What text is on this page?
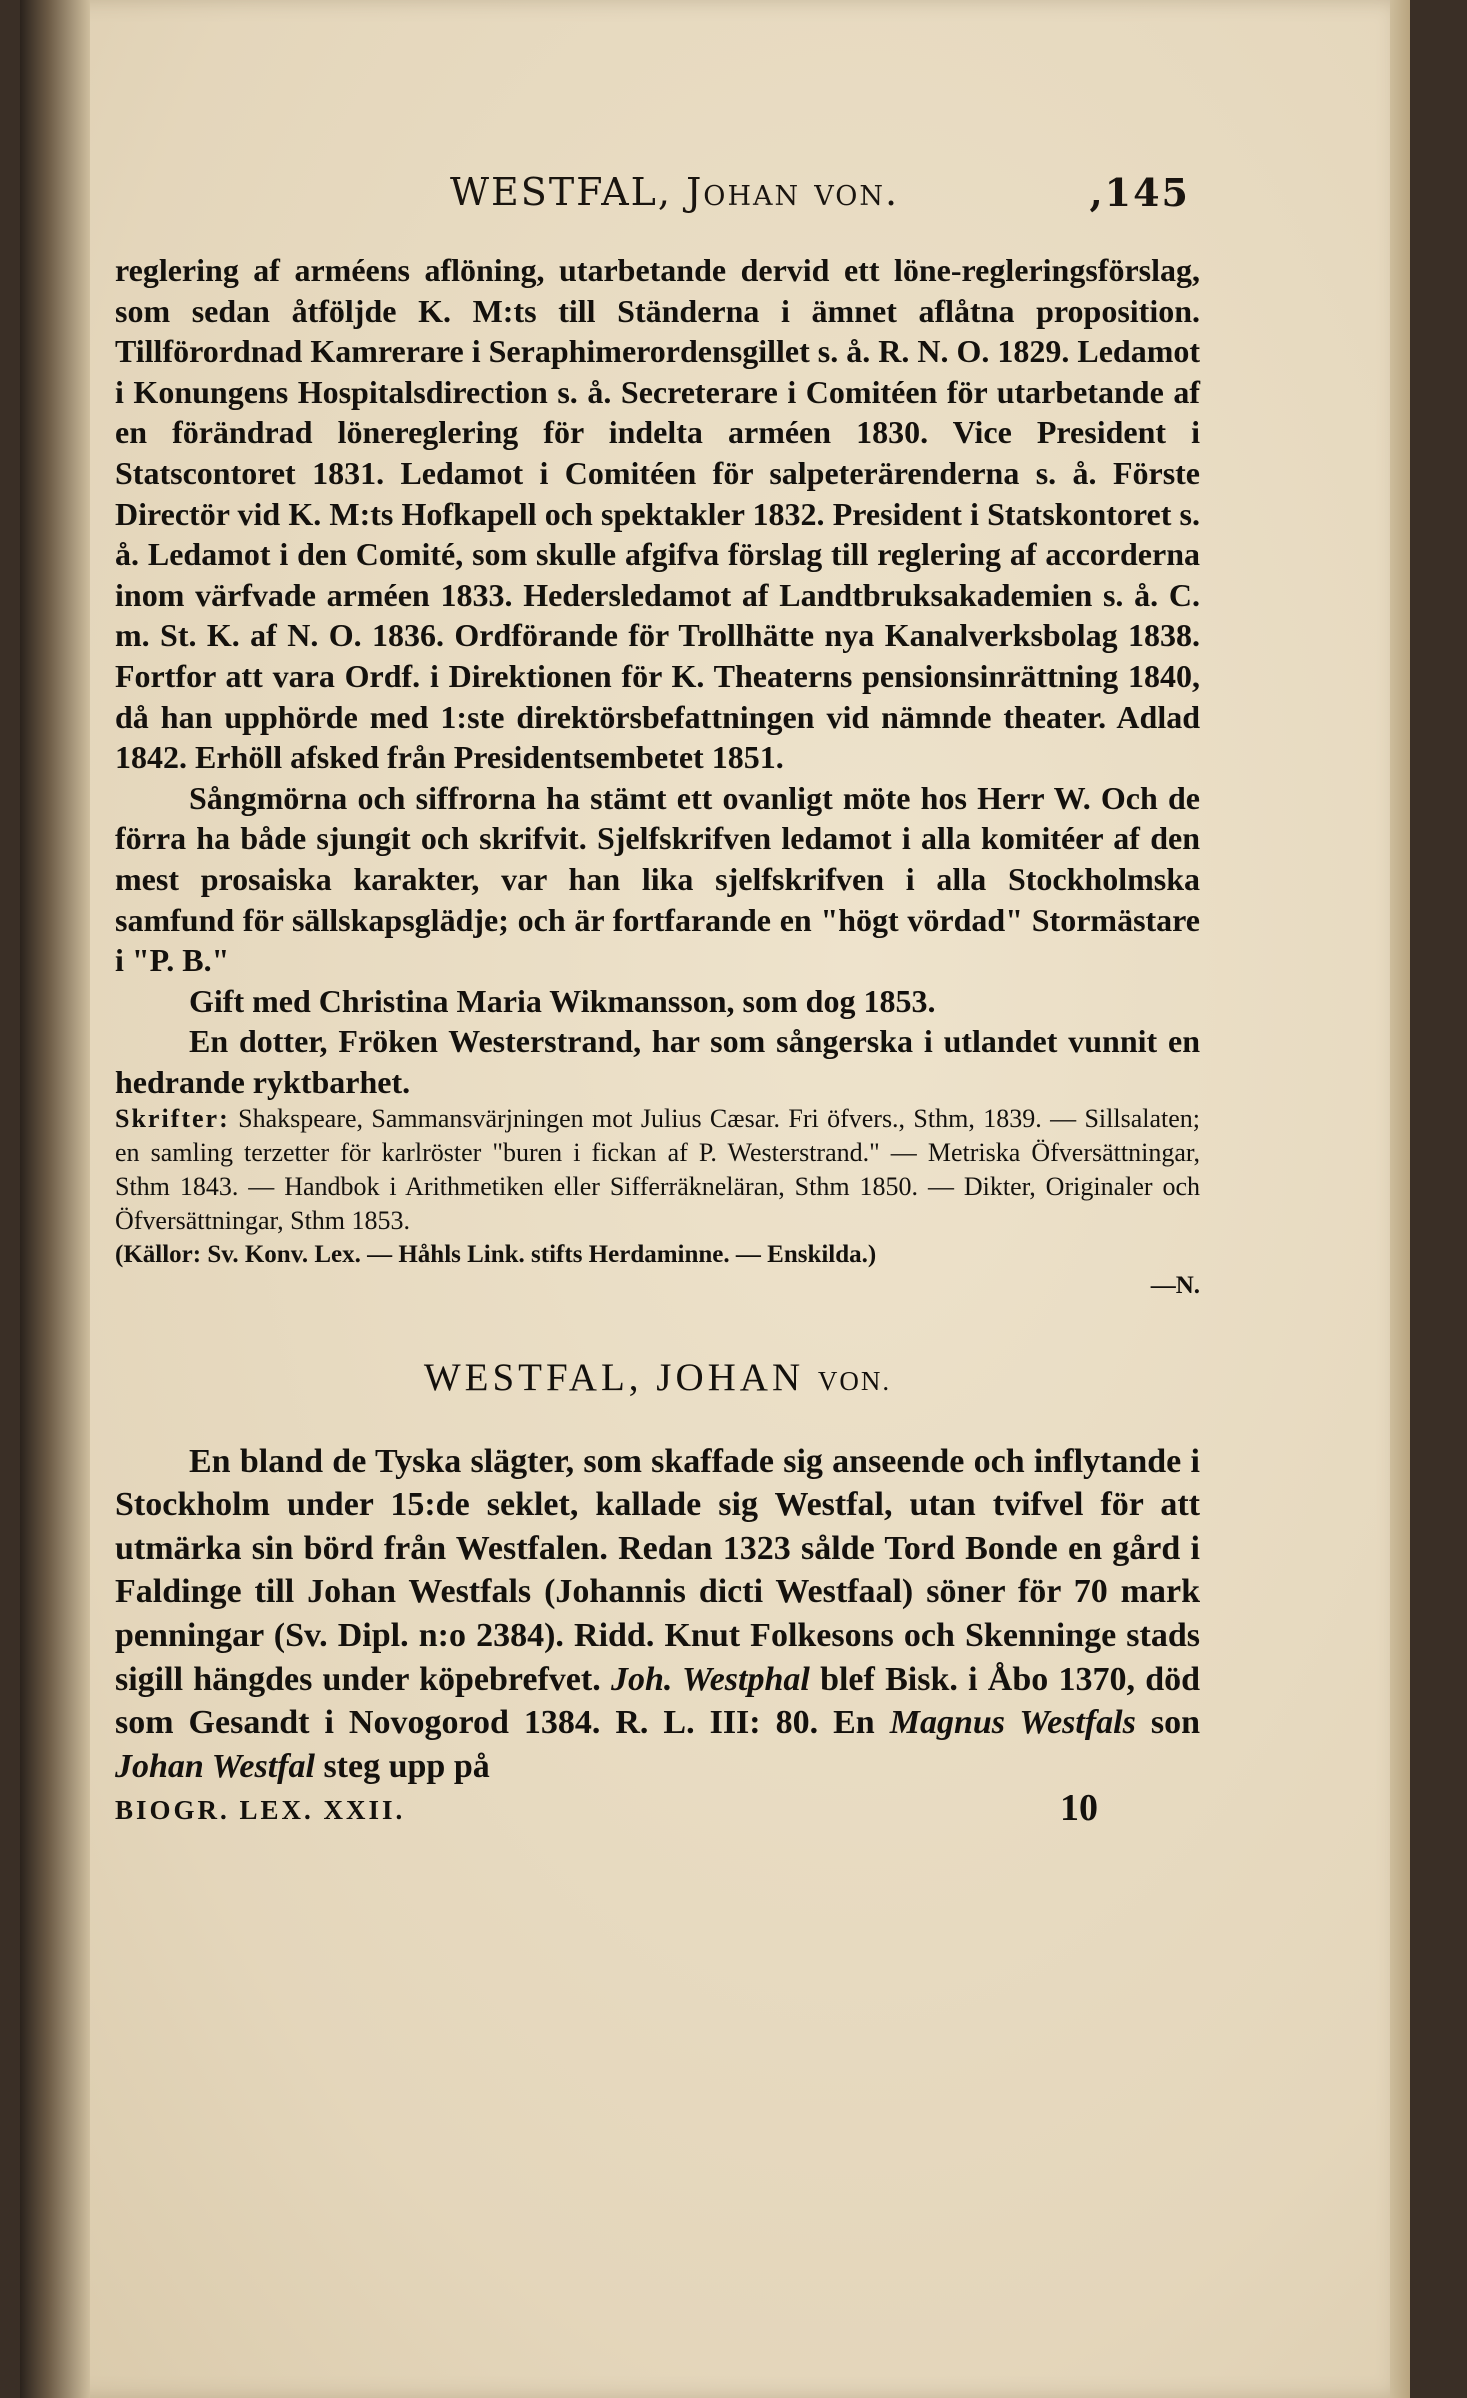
WESTFAL, Johan von.	,145

reglering af arméens aflöning, utarbetande dervid ett löne-regleringsförslag, som sedan åtföljde K. M:ts till Ständerna i ämnet aflåtna proposition. Tillförordnad Kamrerare i Seraphimerordensgillet s. å. R. N. O. 1829. Ledamot i Konungens Hospitalsdirection s. å. Secreterare i Comitéen för utarbetande af en förändrad lönereglering för indelta arméen 1830. Vice President i Statscontoret 1831. Ledamot i Comitéen för salpeterärenderna s. å. Förste Directör vid K. M:ts Hofkapell och spektakler 1832. President i Statskontoret s. å. Ledamot i den Comité, som skulle afgifva förslag till reglering af accorderna inom värfvade arméen 1833. Hedersledamot af Landtbruksakademien s. å. C. m. St. K. af N. O. 1836. Ordförande för Trollhätte nya Kanalverksbolag 1838. Fortfor att vara Ordf. i Direktionen för K. Theaterns pensionsinrättning 1840, då han upphörde med 1:ste direktörsbefattningen vid nämnde theater. Adlad 1842. Erhöll afsked från Presidentsembetet 1851.

Sångmörna och siffrorna ha stämt ett ovanligt möte hos Herr W. Och de förra ha både sjungit och skrifvit. Sjelfskrifven ledamot i alla komitéer af den mest prosaiska karakter, var han lika sjelfskrifven i alla Stockholmska samfund för sällskapsglädje; och är fortfarande en "högt vördad" Stormästare i "P. B."

Gift med Christina Maria Wikmansson, som dog 1853.

En dotter, Fröken Westerstrand, har som sångerska i utlandet vunnit en hedrande ryktbarhet.

Skrifter: Shakspeare, Sammansvärjningen mot Julius Cæsar. Fri öfvers., Sthm, 1839. — Sillsalaten; en samling terzetter för karlröster "buren i fickan af P. Westerstrand." — Metriska Öfversättningar, Sthm 1843. — Handbok i Arithmetiken eller Sifferräkneläran, Sthm 1850. — Dikter, Originaler och Öfversättningar, Sthm 1853.

(Källor: Sv. Konv. Lex. — Håhls Link. stifts Herdaminne. — Enskilda.)

—N.

WESTFAL, JOHAN VON.

En bland de Tyska slägter, som skaffade sig anseende och inflytande i Stockholm under 15:de seklet, kallade sig Westfal, utan tvifvel för att utmärka sin börd från Westfalen. Redan 1323 sålde Tord Bonde en gård i Faldinge till Johan Westfals (Johannis dicti Westfaal) söner för 70 mark penningar (Sv. Dipl. n:o 2384). Ridd. Knut Folkesons och Skenninge stads sigill hängdes under köpebrefvet. Joh. Westphal blef Bisk. i Åbo 1370, död som Gesandt i Novogorod 1384. R. L. III: 80. En Magnus Westfals son Johan Westfal steg upp på

BIOGR. LEX. XXII.	10
